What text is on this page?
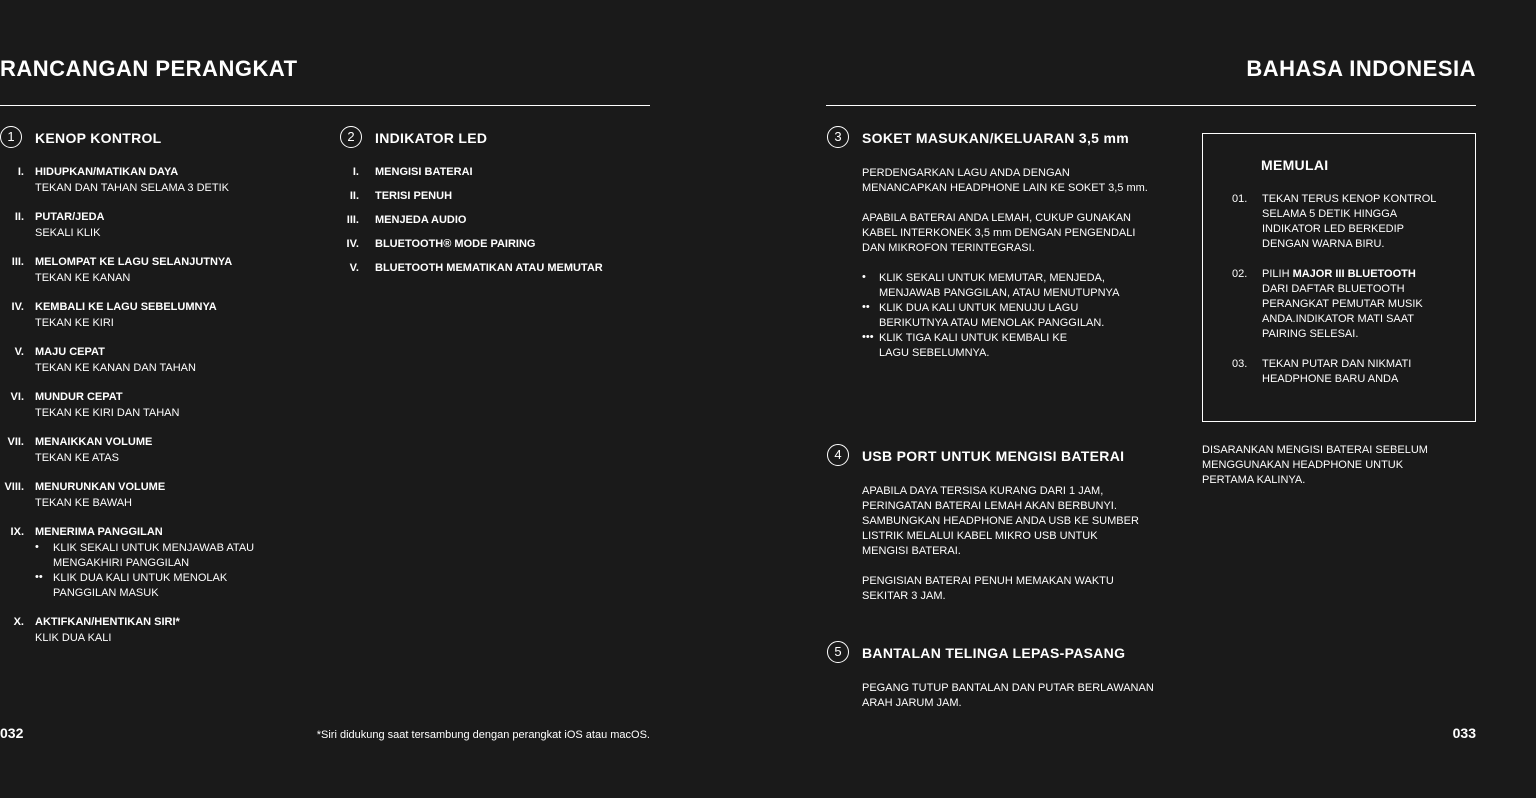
RANCANGAN PERANGKAT
1	KENOP KONTROL	2	INDIKATOR LED
032	*Siri didukung saat tersambung dengan perangkat iOS atau macOS.
BAHASA INDONESIA
3	SOKET MASUKAN/KELUARAN 3,5 mm
4	USB PORT UNTUK MENGISI BATERAI
5	BANTALAN TELINGA LEPAS-PASANG
MEMULAI
033
I. HIDUPKAN/MATIKAN DAYA
TEKAN DAN TAHAN SELAMA 3 DETIK
II. PUTAR/JEDA
SEKALI KLIK
III. MELOMPAT KE LAGU SELANJUTNYA
TEKAN KE KANAN
IV. KEMBALI KE LAGU SEBELUMNYA
TEKAN KE KIRI
V. MAJU CEPAT
TEKAN KE KANAN DAN TAHAN
VI. MUNDUR CEPAT
TEKAN KE KIRI DAN TAHAN
VII. MENAIKKAN VOLUME
TEKAN KE ATAS
VIII. MENURUNKAN VOLUME
TEKAN KE BAWAH
IX. MENERIMA PANGGILAN
•	KLIK SEKALI UNTUK MENJAWAB ATAU
MENGAKHIRI PANGGILAN
•• KLIK DUA KALI UNTUK MENOLAK
PANGGILAN MASUK
X. AKTIFKAN/HENTIKAN SIRI*
KLIK DUA KALI
I. MENGISI BATERAI
II. TERISI PENUH
III. MENJEDA AUDIO
IV. BLUETOOTH® MODE PAIRING
V. BLUETOOTH MEMATIKAN ATAU MEMUTAR
PERDENGARKAN LAGU ANDA DENGAN
MENANCAPKAN HEADPHONE LAIN KE SOKET 3,5 mm.
APABILA BATERAI ANDA LEMAH, CUKUP GUNAKAN
KABEL INTERKONEK 3,5 mm DENGAN PENGENDALI
DAN MIKROFON TERINTEGRASI.
•	KLIK SEKALI UNTUK MEMUTAR, MENJEDA,
MENJAWAB PANGGILAN, ATAU MENUTUPNYA
•• KLIK DUA KALI UNTUK MENUJU LAGU
BERIKUTNYA ATAU MENOLAK PANGGILAN.
••• KLIK TIGA KALI UNTUK KEMBALI KE
LAGU SEBELUMNYA.
APABILA DAYA TERSISA KURANG DARI 1 JAM,
PERINGATAN BATERAI LEMAH AKAN BERBUNYI.
SAMBUNGKAN HEADPHONE ANDA USB KE SUMBER
LISTRIK MELALUI KABEL MIKRO USB UNTUK
MENGISI BATERAI.
PENGISIAN BATERAI PENUH MEMAKAN WAKTU
SEKITAR 3 JAM.
PEGANG TUTUP BANTALAN DAN PUTAR BERLAWANAN
ARAH JARUM JAM.
01. TEKAN TERUS KENOP KONTROL
SELAMA 5 DETIK HINGGA
INDIKATOR LED BERKEDIP
DENGAN WARNA BIRU.
02. PILIH MAJOR III BLUETOOTH
DARI DAFTAR BLUETOOTH
PERANGKAT PEMUTAR MUSIK
ANDA.INDIKATOR MATI SAAT
PAIRING SELESAI.
03. TEKAN PUTAR DAN NIKMATI
HEADPHONE BARU ANDA
DISARANKAN MENGISI BATERAI SEBELUM
MENGGUNAKAN HEADPHONE UNTUK
PERTAMA KALINYA.
